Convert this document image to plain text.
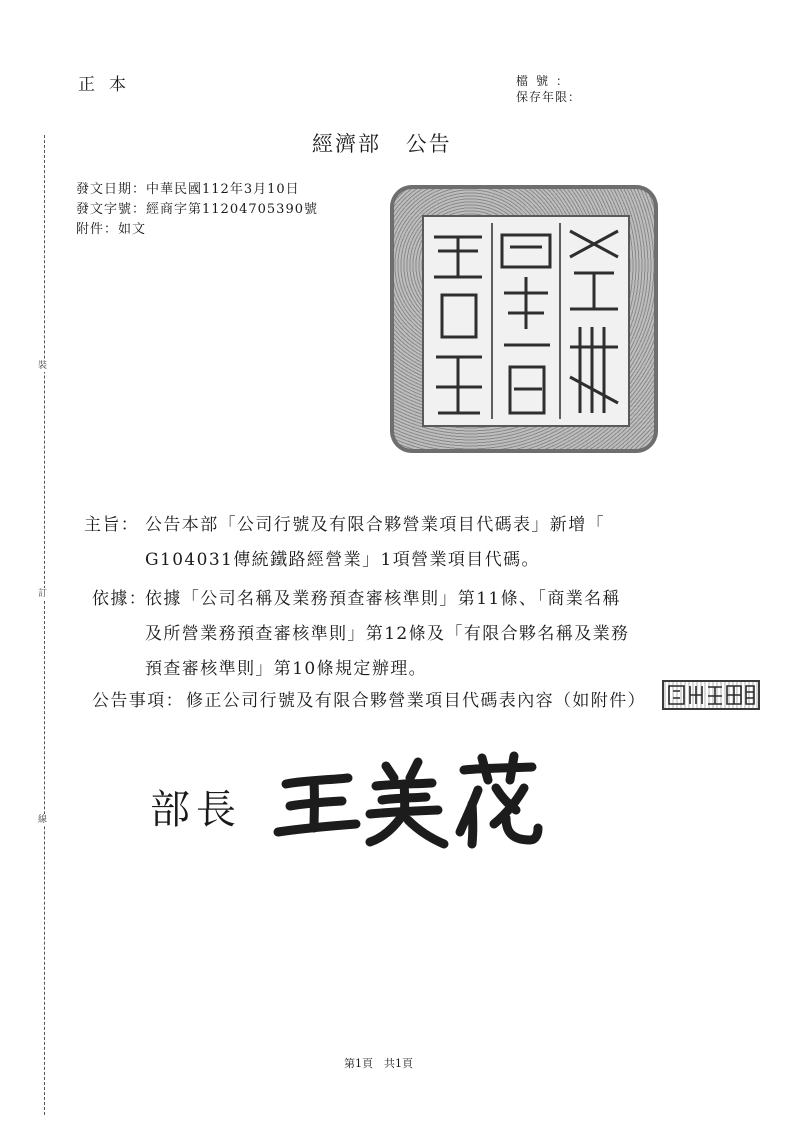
裝
訂
線
正本	檔號：
保存年限：
經濟部 公告
發文日期：中華民國112年3月10日
發文字號：經商字第11204705390號
附件：如文
主旨： 公告本部「公司行號及有限合夥營業項目代碼表」新增「
G104031傳統鐵路經營業」1項營業項目代碼。
依據：
依據「公司名稱及業務預查審核準則」第11條、「商業名稱
及所營業務預查審核準則」第12條及「有限合夥名稱及業務
預查審核準則」第10條規定辦理。
公告事項： 修正公司行號及有限合夥營業項目代碼表內容（如附件）
部長
第1頁　共1頁
